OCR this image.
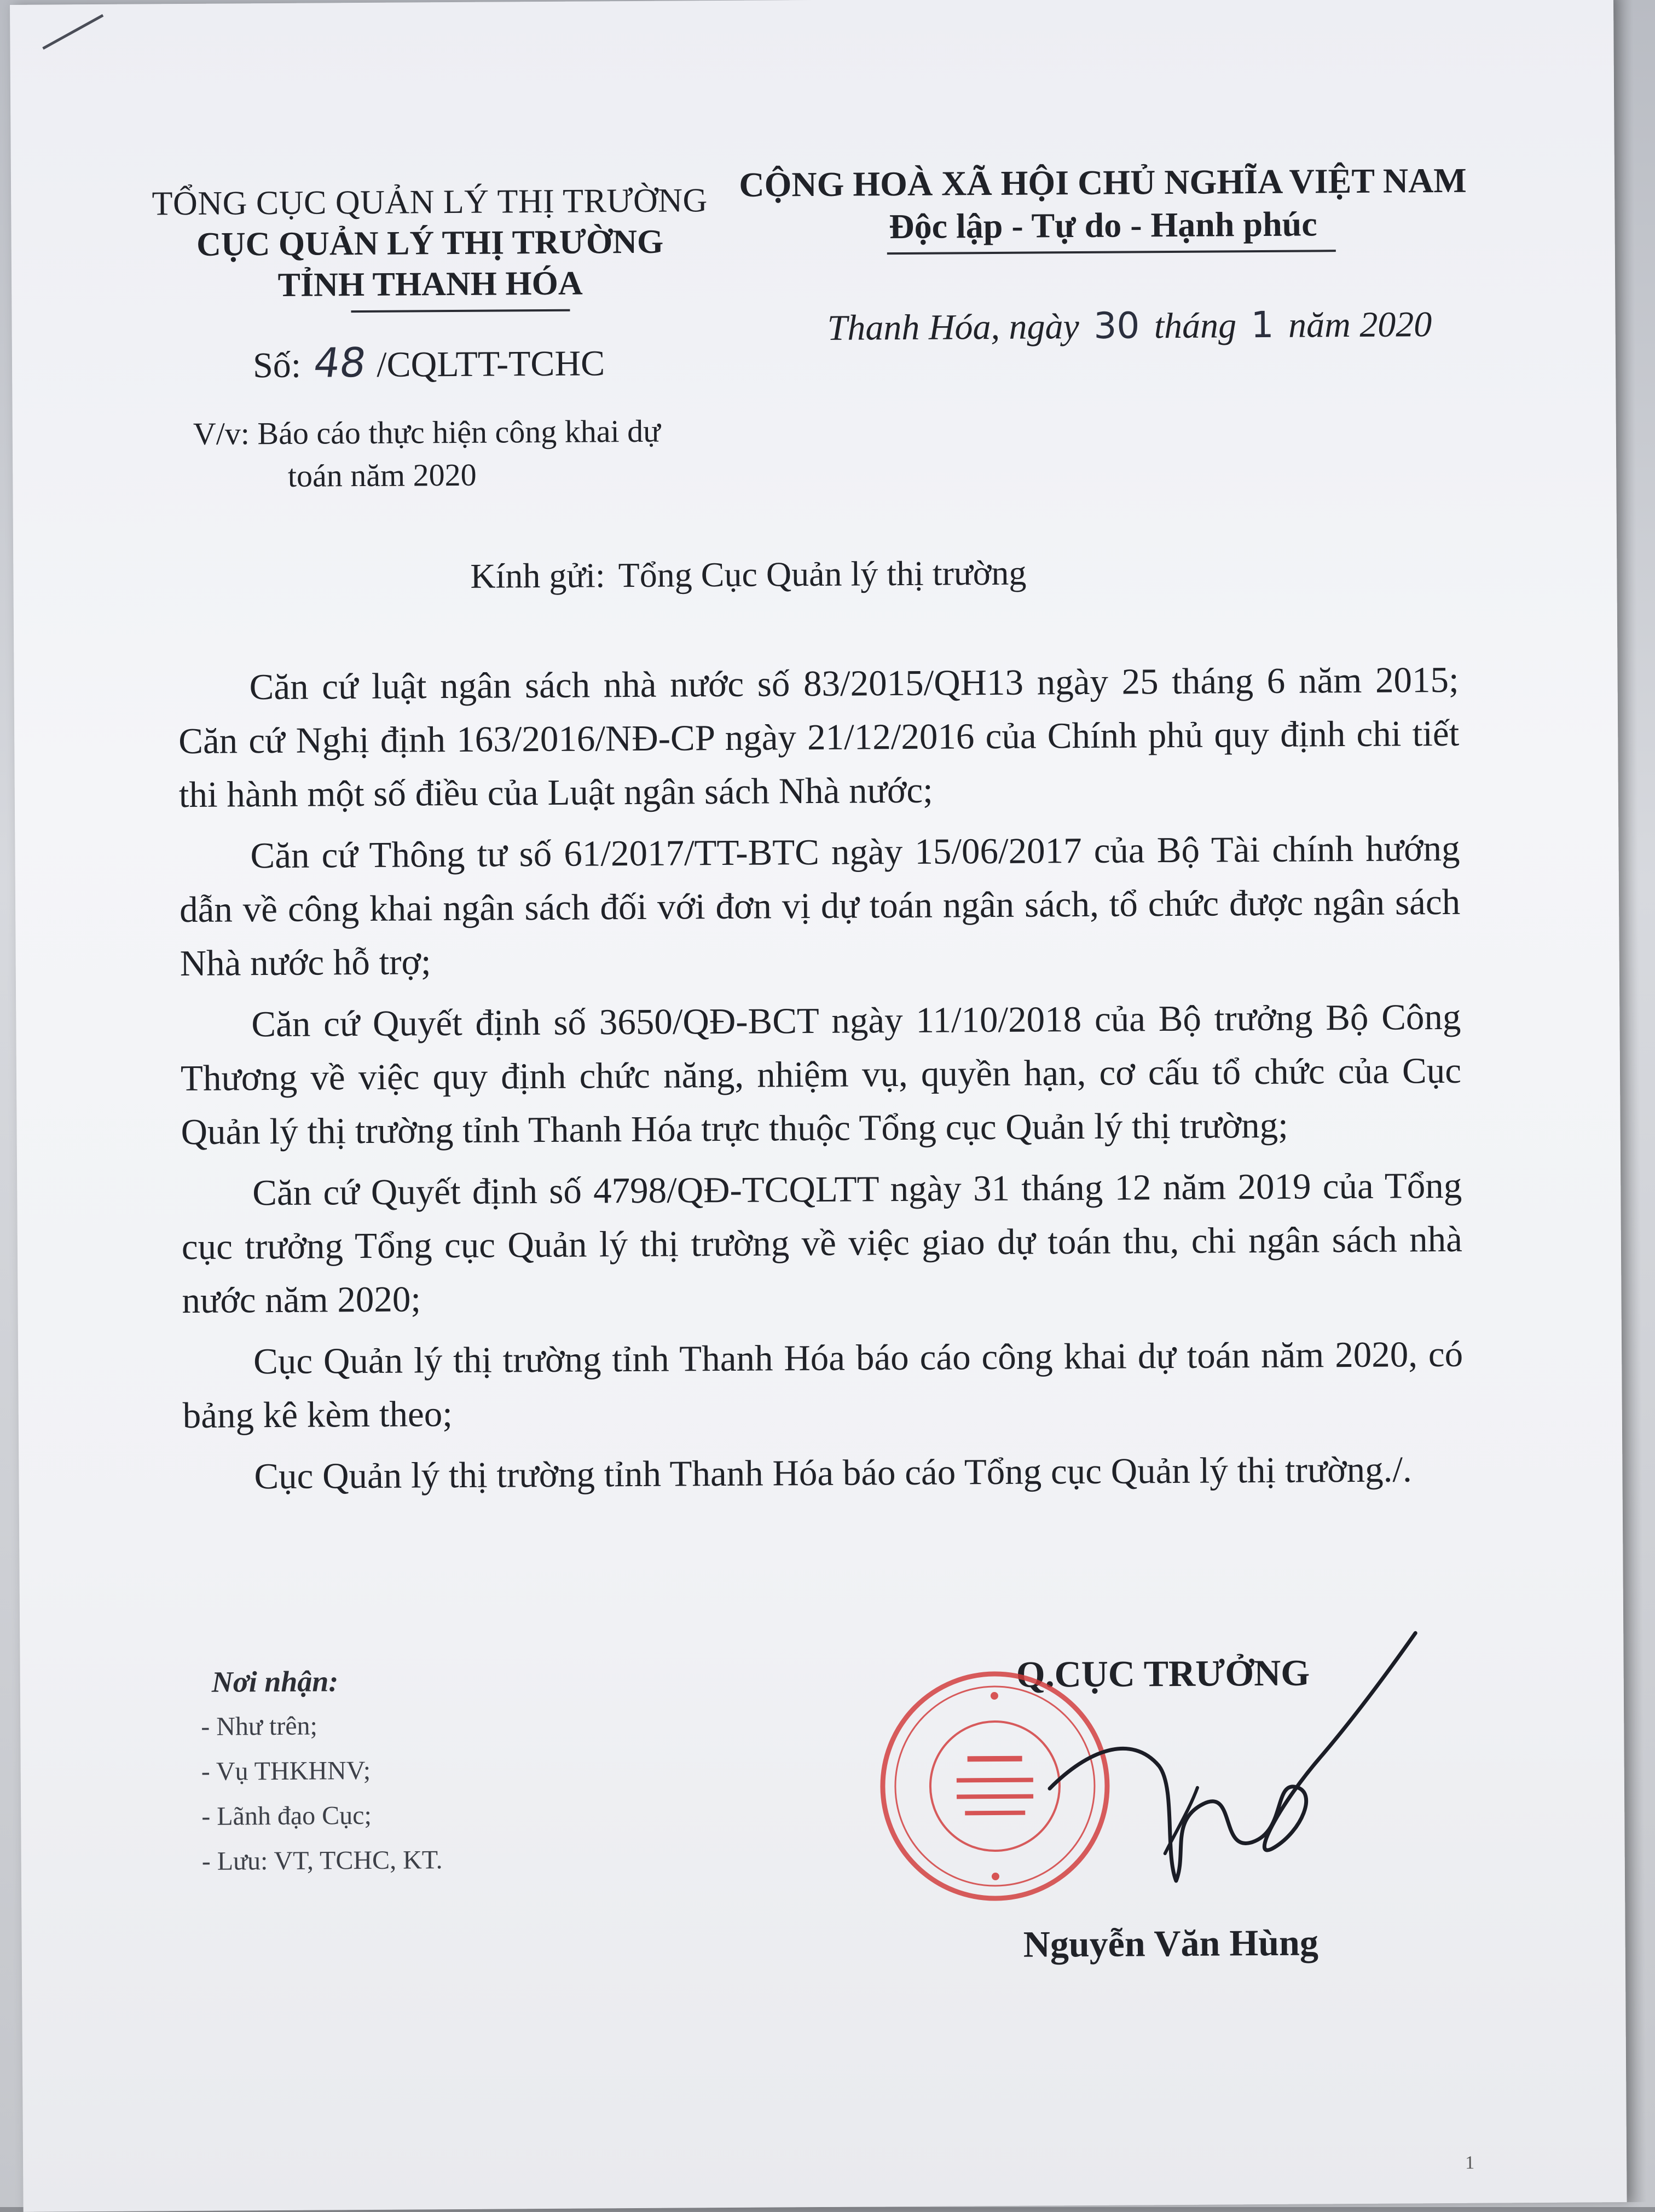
TỔNG CỤC QUẢN LÝ THỊ TRƯỜNG
CỤC QUẢN LÝ THỊ TRƯỜNG
TỈNH THANH HÓA
CỘNG HOÀ XÃ HỘI CHỦ NGHĨA VIỆT NAM
Độc lập - Tự do - Hạnh phúc
Số: 48 /CQLTT-TCHC
Thanh Hóa, ngày 30 tháng 1 năm 2020
V/v: Báo cáo thực hiện công khai dự
toán năm 2020
Kính gửi: Tổng Cục Quản lý thị trường

Căn cứ luật ngân sách nhà nước số 83/2015/QH13 ngày 25 tháng 6 năm 2015; Căn cứ Nghị định 163/2016/NĐ-CP ngày 21/12/2016 của Chính phủ quy định chi tiết thi hành một số điều của Luật ngân sách Nhà nước;

Căn cứ Thông tư số 61/2017/TT-BTC ngày 15/06/2017 của Bộ Tài chính hướng dẫn về công khai ngân sách đối với đơn vị dự toán ngân sách, tổ chức được ngân sách Nhà nước hỗ trợ;

Căn cứ Quyết định số 3650/QĐ-BCT ngày 11/10/2018 của Bộ trưởng Bộ Công Thương về việc quy định chức năng, nhiệm vụ, quyền hạn, cơ cấu tổ chức của Cục Quản lý thị trường tỉnh Thanh Hóa trực thuộc Tổng cục Quản lý thị trường;

Căn cứ Quyết định số 4798/QĐ-TCQLTT ngày 31 tháng 12 năm 2019 của Tổng cục trưởng Tổng cục Quản lý thị trường về việc giao dự toán thu, chi ngân sách nhà nước năm 2020;

Cục Quản lý thị trường tỉnh Thanh Hóa báo cáo công khai dự toán năm 2020, có bảng kê kèm theo;

Cục Quản lý thị trường tỉnh Thanh Hóa báo cáo Tổng cục Quản lý thị trường./.

Nơi nhận:
- Như trên;
- Vụ THKHNV;
- Lãnh đạo Cục;
- Lưu: VT, TCHC, KT.
Q.CỤC TRƯỞNG
Nguyễn Văn Hùng
1
